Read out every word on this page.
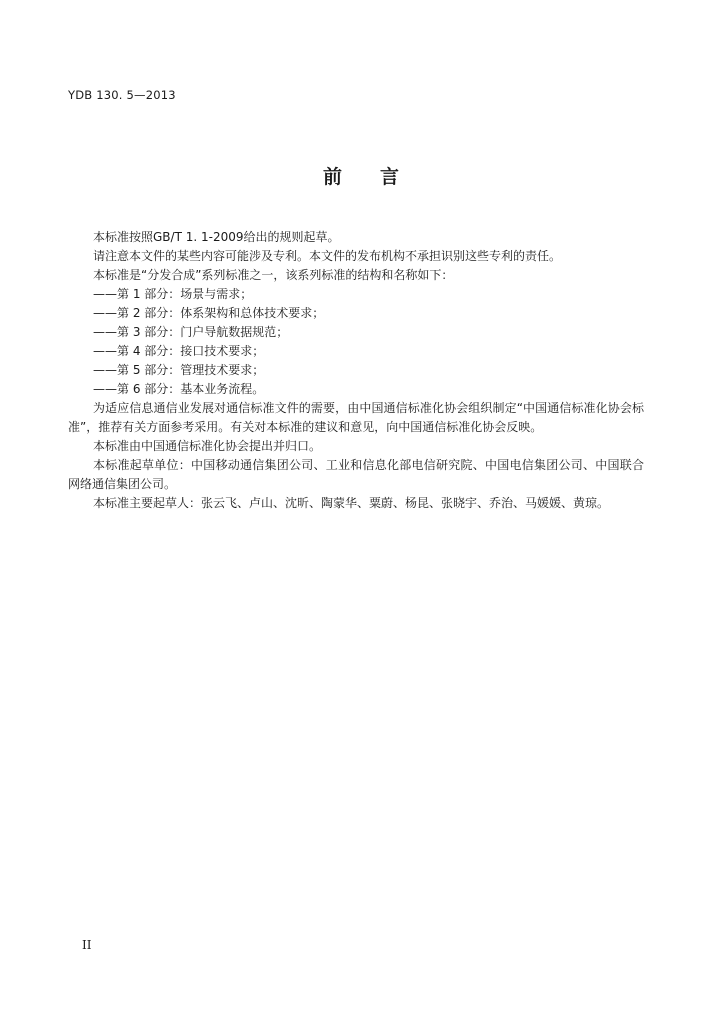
YDB 130. 5—2013
前 言

本标准按照GB/T 1. 1-2009给出的规则起草。

请注意本文件的某些内容可能涉及专利。本文件的发布机构不承担识别这些专利的责任。

本标准是“分发合成”系列标准之一，该系列标准的结构和名称如下：

——第 1 部分：场景与需求；

——第 2 部分：体系架构和总体技术要求；

——第 3 部分：门户导航数据规范；

——第 4 部分：接口技术要求；

——第 5 部分：管理技术要求；

——第 6 部分：基本业务流程。

为适应信息通信业发展对通信标准文件的需要，由中国通信标准化协会组织制定“中国通信标准化协会标准”，推荐有关方面参考采用。有关对本标准的建议和意见，向中国通信标准化协会反映。

本标准由中国通信标准化协会提出并归口。

本标准起草单位：中国移动通信集团公司、工业和信息化部电信研究院、中国电信集团公司、中国联合网络通信集团公司。

本标准主要起草人：张云飞、卢山、沈昕、陶蒙华、粟蔚、杨昆、张晓宇、乔治、马媛媛、黄琼。

II
